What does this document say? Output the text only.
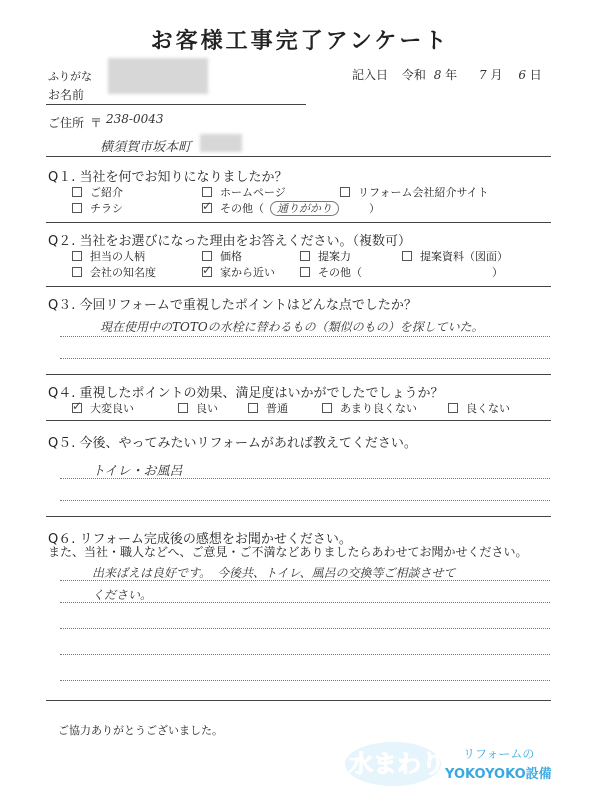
お客様工事完了アンケート
ふりがな
お名前
記入日 令和 8 年 7 月 6 日
ご住所 〒 238-0043
横須賀市坂本町
Q１. 当社を何でお知りになりましたか？
ご紹介	ホームページ	リフォーム会社紹介サイト
チラシ	✓ その他（ 通りがかり	）
Q２. 当社をお選びになった理由をお答えください。（複数可）
担当の人柄	価格	提案力	提案資料（図面）
会社の知名度	✓ 家から近い	その他（	）
Q３. 今回リフォームで重視したポイントはどんな点でしたか？
現在使用中のTOTOの水栓に替わるもの（類似のもの）を探していた。
Q４. 重視したポイントの効果、満足度はいかがでしたでしょうか？
✓ 大変良い	良い	普通	あまり良くない	良くない
Q５. 今後、やってみたいリフォームがあれば教えてください。
トイレ・お風呂
Q６. リフォーム完成後の感想をお聞かせください。
また、当社・職人などへ、ご意見・ご不満などありましたらあわせてお聞かせください。
出来ばえは良好です。　今後共、トイレ、風呂の交換等ご相談させて
ください。
ご協力ありがとうございました。
水まわり リフォームの
YOKOYOKO設備
